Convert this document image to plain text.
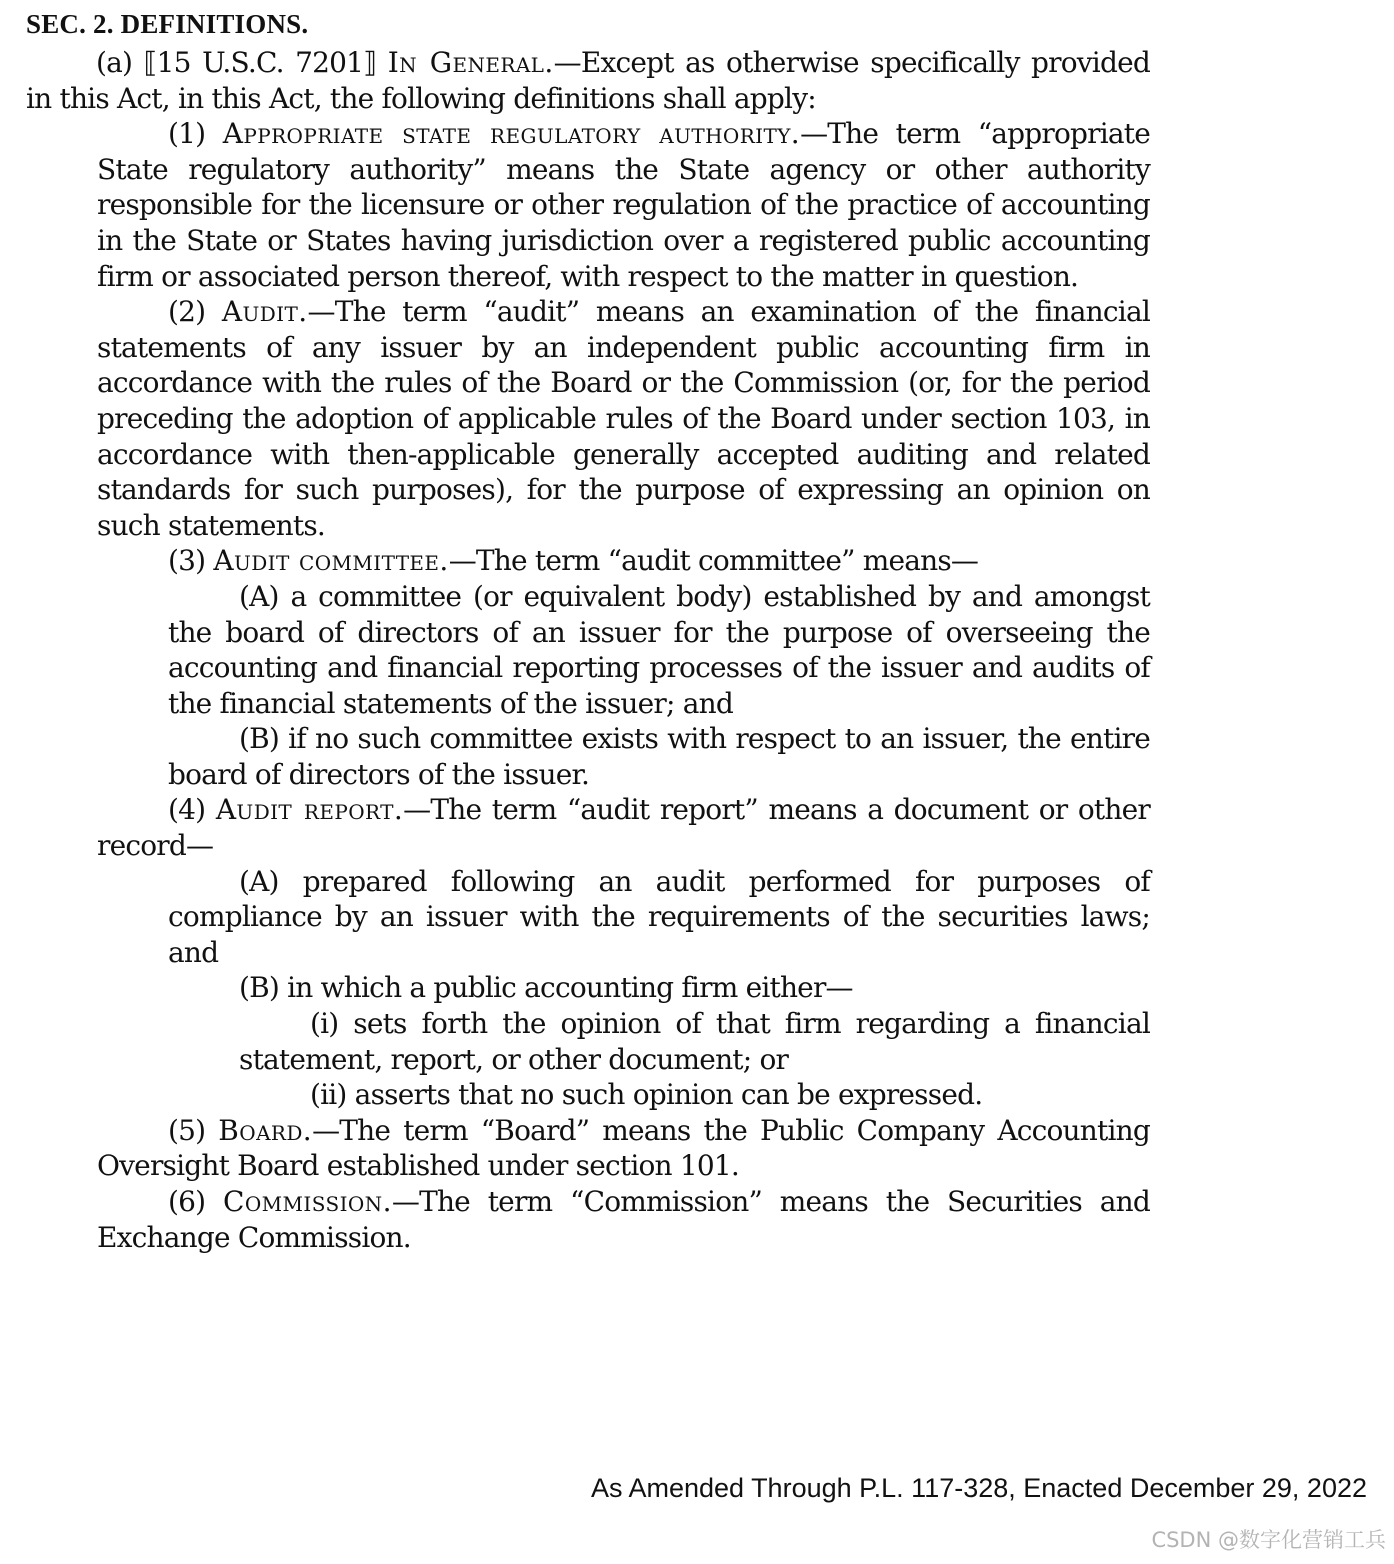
SEC. 2. DEFINITIONS.

(a) ⟦15 U.S.C. 7201⟧ In General.—Except as otherwise specifically provided in this Act, in this Act, the following definitions shall apply:

(1) Appropriate state regulatory authority.—The term “appropriate State regulatory authority” means the State agency or other authority responsible for the licensure or other regulation of the practice of accounting in the State or States having jurisdiction over a registered public accounting firm or associated person thereof, with respect to the matter in question.

(2) Audit.—The term “audit” means an examination of the financial statements of any issuer by an independent public accounting firm in accordance with the rules of the Board or the Commission (or, for the period preceding the adoption of applicable rules of the Board under section 103, in accordance with then-applicable generally accepted auditing and related standards for such purposes), for the purpose of expressing an opinion on such statements.

(3) Audit committee.—The term “audit committee” means—

(A) a committee (or equivalent body) established by and amongst the board of directors of an issuer for the purpose of overseeing the accounting and financial reporting processes of the issuer and audits of the financial statements of the issuer; and

(B) if no such committee exists with respect to an issuer, the entire board of directors of the issuer.

(4) Audit report.—The term “audit report” means a document or other record—

(A) prepared following an audit performed for purposes of compliance by an issuer with the requirements of the securities laws; and

(B) in which a public accounting firm either—

(i) sets forth the opinion of that firm regarding a financial statement, report, or other document; or

(ii) asserts that no such opinion can be expressed.

(5) Board.—The term “Board” means the Public Company Accounting Oversight Board established under section 101.

(6) Commission.—The term “Commission” means the Securities and Exchange Commission.

As Amended Through P.L. 117-328, Enacted December 29, 2022
CSDN @数字化营销工兵
